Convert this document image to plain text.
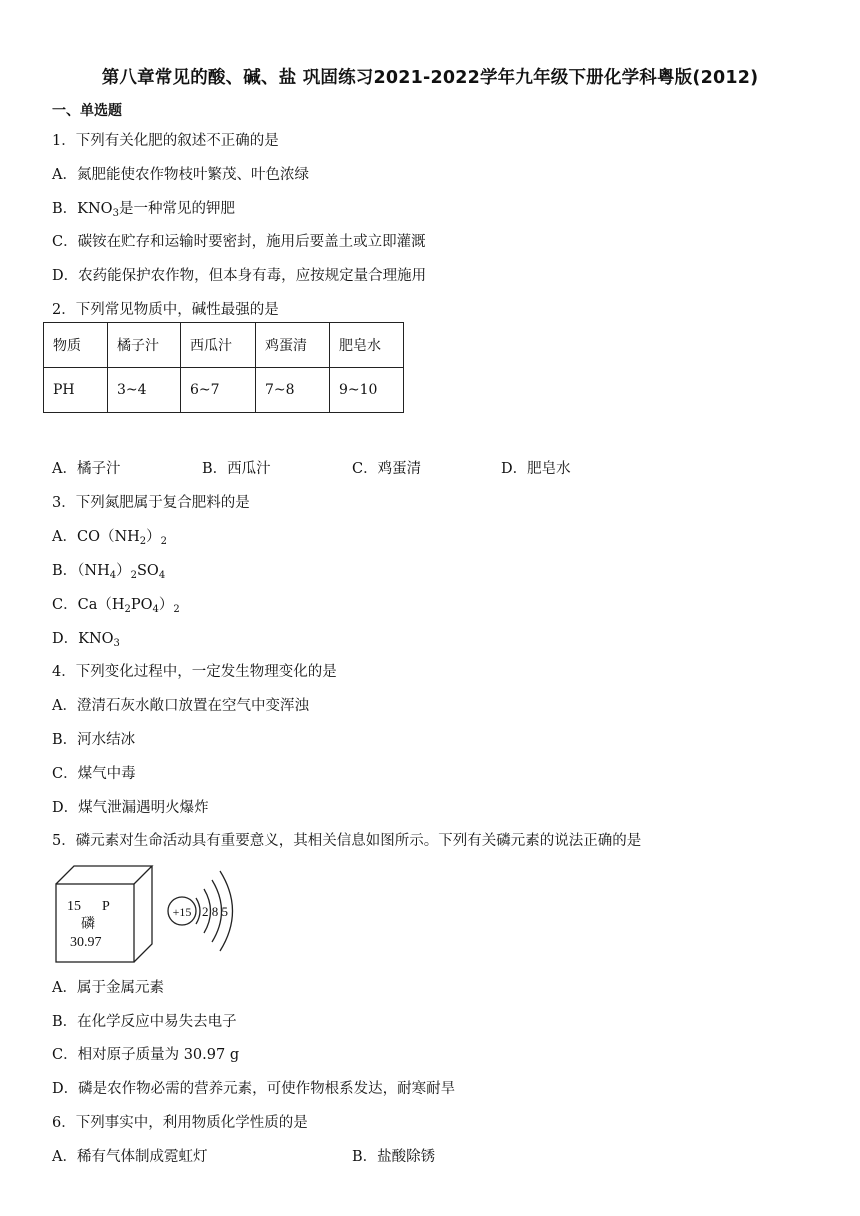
第八章常见的酸、碱、盐 巩固练习2021-2022学年九年级下册化学科粤版(2012)
一、单选题
1．下列有关化肥的叙述不正确的是
A．氮肥能使农作物枝叶繁茂、叶色浓绿
B．$KNO_3$是一种常见的钾肥
C．碳铵在贮存和运输时要密封，施用后要盖土或立即灌溉
D．农药能保护农作物，但本身有毒，应按规定量合理施用
2．下列常见物质中，碱性最强的是
物质	橘子汁	西瓜汁	鸡蛋清	肥皂水
PH	3~4	6~7	7~8	9~10
A．橘子汁	B．西瓜汁	C．鸡蛋清	D．肥皂水
3．下列氮肥属于复合肥料的是
A．$CO(NH_2)_2$
B．$(NH_4)_2SO_4$
C．$Ca(H_2PO_4)_2$
D．$KNO_3$
4．下列变化过程中，一定发生物理变化的是
A．澄清石灰水敞口放置在空气中变浑浊
B．河水结冰
C．煤气中毒
D．煤气泄漏遇明火爆炸
5．磷元素对生命活动具有重要意义，其相关信息如图所示。下列有关磷元素的说法正确的是
15 P
磷
30.97
+15 2 8 5
A．属于金属元素
B．在化学反应中易失去电子
C．相对原子质量为 30.97 g
D．磷是农作物必需的营养元素，可使作物根系发达，耐寒耐旱
6．下列事实中，利用物质化学性质的是
A．稀有气体制成霓虹灯	B．盐酸除锈
